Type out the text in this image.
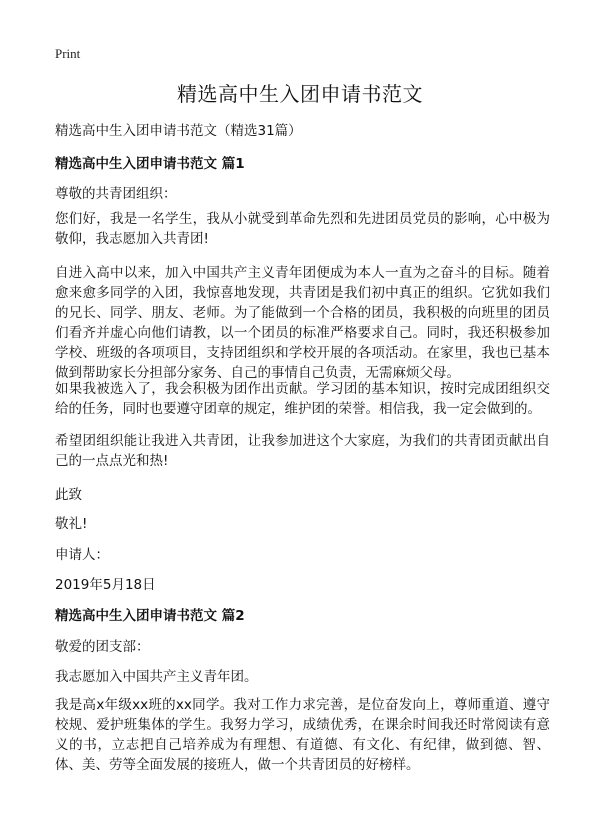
Print
精选高中生入团申请书范文

精选高中生入团申请书范文（精选31篇）

精选高中生入团申请书范文 篇1

尊敬的共青团组织：

您们好，我是一名学生，我从小就受到革命先烈和先进团员党员的影响，心中极为敬仰，我志愿加入共青团!

自进入高中以来，加入中国共产主义青年团便成为本人一直为之奋斗的目标。随着愈来愈多同学的入团，我惊喜地发现，共青团是我们初中真正的组织。它犹如我们的兄长、同学、朋友、老师。为了能做到一个合格的团员，我积极的向班里的团员们看齐并虚心向他们请教，以一个团员的标准严格要求自己。同时，我还积极参加学校、班级的各项项目，支持团组织和学校开展的各项活动。在家里，我也已基本做到帮助家长分担部分家务、自己的事情自己负责，无需麻烦父母。

如果我被选入了，我会积极为团作出贡献。学习团的基本知识，按时完成团组织交给的任务，同时也要遵守团章的规定，维护团的荣誉。相信我，我一定会做到的。

希望团组织能让我进入共青团，让我参加进这个大家庭，为我们的共青团贡献出自己的一点点光和热!

此致

敬礼!

申请人：

2019年5月18日

精选高中生入团申请书范文 篇2

敬爱的团支部：

我志愿加入中国共产主义青年团。

我是高x年级xx班的xx同学。我对工作力求完善，是位奋发向上，尊师重道、遵守校规、爱护班集体的学生。我努力学习，成绩优秀，在课余时间我还时常阅读有意义的书，立志把自己培养成为有理想、有道德、有文化、有纪律，做到德、智、体、美、劳等全面发展的接班人，做一个共青团员的好榜样。
